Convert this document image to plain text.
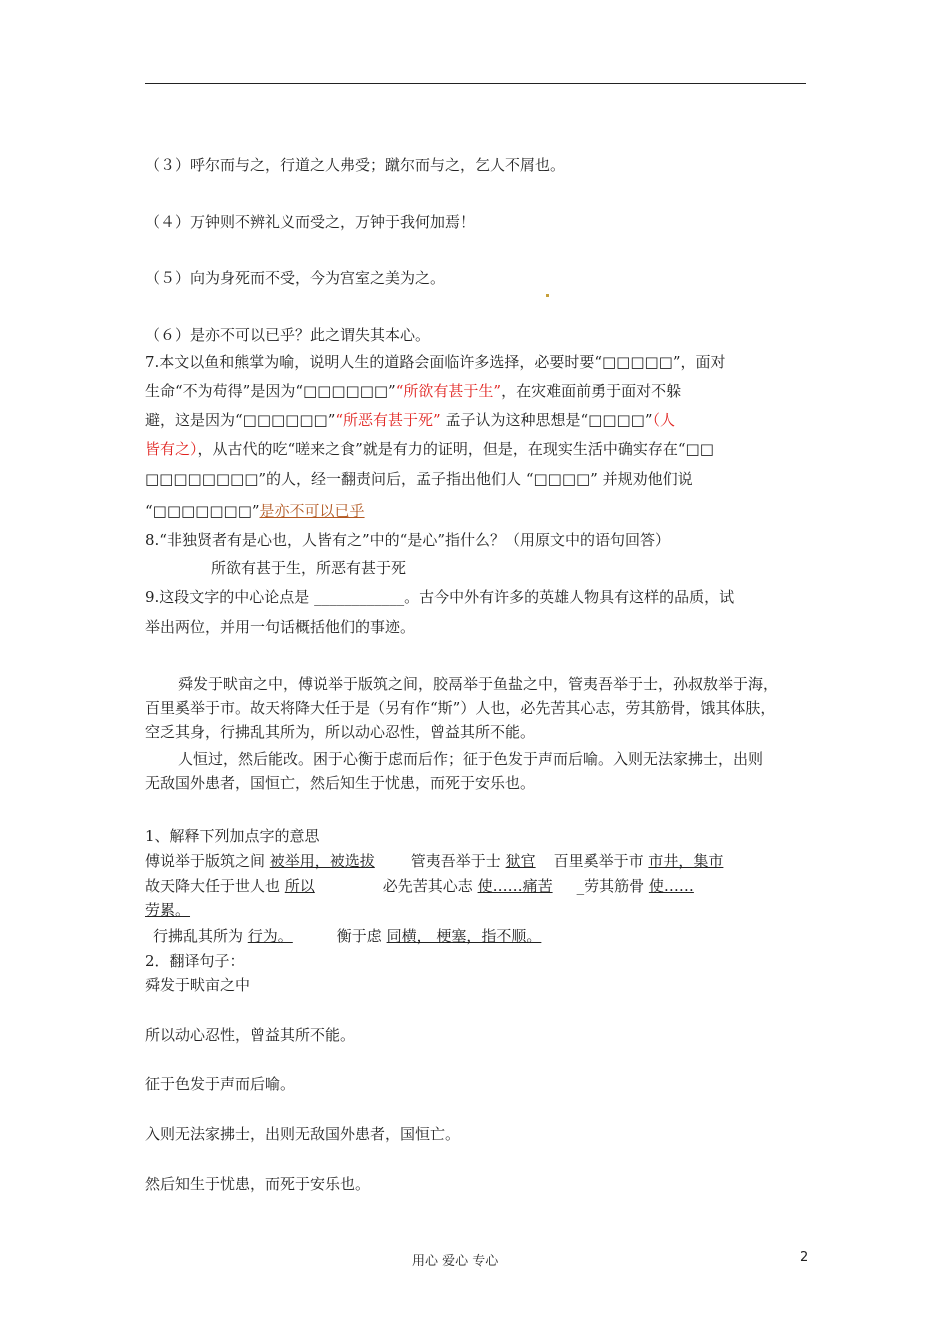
（３）呼尔而与之，行道之人弗受；蹴尔而与之，乞人不屑也。
（４）万钟则不辨礼义而受之，万钟于我何加焉！
（５）向为身死而不受，今为宫室之美为之。
（６）是亦不可以已乎？此之谓失其本心。
7.本文以鱼和熊掌为喻，说明人生的道路会面临许多选择，必要时要“□□□□□”，面对
生命“不为苟得”是因为“□□□□□□”“所欲有甚于生”，在灾难面前勇于面对不躲
避，这是因为“□□□□□□”“所恶有甚于死” 孟子认为这种思想是“□□□□”（人
皆有之），从古代的吃“嗟来之食”就是有力的证明，但是，在现实生活中确实存在“□□
□□□□□□□□”的人，经一翻责问后，孟子指出他们人 “□□□□” 并规劝他们说
“□□□□□□□”是亦不可以已乎
8.“非独贤者有是心也，人皆有之”中的“是心”指什么？（用原文中的语句回答）
所欲有甚于生，所恶有甚于死
9.这段文字的中心论点是 ____________。古今中外有许多的英雄人物具有这样的品质，试
举出两位，并用一句话概括他们的事迹。
舜发于畎亩之中，傅说举于版筑之间，胶鬲举于鱼盐之中，管夷吾举于士，孙叔敖举于海，
百里奚举于市。故天将降大任于是（另有作“斯”）人也，必先苦其心志，劳其筋骨，饿其体肤，
空乏其身，行拂乱其所为，所以动心忍性，曾益其所不能。
人恒过，然后能改。困于心衡于虑而后作；征于色发于声而后喻。入则无法家拂士，出则
无敌国外患者，国恒亡，然后知生于忧患，而死于安乐也。
1、解释下列加点字的意思
傅说举于版筑之间 被举用，被选拔 管夷吾举于士 狱官 百里奚举于市 市井，集市
故天降大任于世人也 所以	必先苦其心志 使……痛苦 _劳其筋骨 使……
劳累。
行拂乱其所为 行为。	衡于虑 同横， 梗塞，指不顺。
2．翻译句子：
舜发于畎亩之中
所以动心忍性，曾益其所不能。
征于色发于声而后喻。
入则无法家拂士，出则无敌国外患者，国恒亡。
然后知生于忧患，而死于安乐也。
用心 爱心 专心	2
